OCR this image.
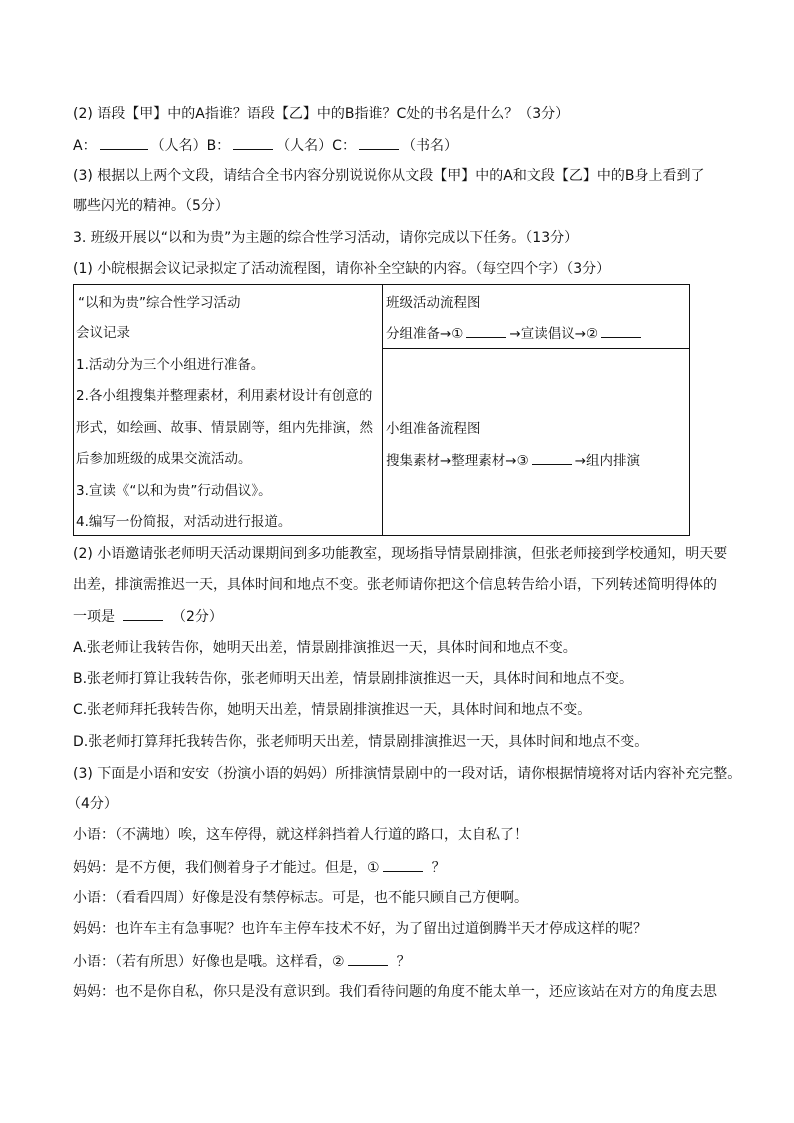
(2) 语段【甲】中的A指谁？语段【乙】中的B指谁？C处的书名是什么？（3分）
A：	（人名）B：	（人名）C：	（书名）
(3) 根据以上两个文段，请结合全书内容分别说说你从文段【甲】中的A和文段【乙】中的B身上看到了
哪些闪光的精神。（5分）
3. 班级开展以“以和为贵”为主题的综合性学习活动，请你完成以下任务。（13分）
(1) 小皖根据会议记录拟定了活动流程图，请你补全空缺的内容。（每空四个字）（3分）
“以和为贵”综合性学习活动
会议记录
1.活动分为三个小组进行准备。
2.各小组搜集并整理素材，利用素材设计有创意的
形式，如绘画、故事、情景剧等，组内先排演，然
后参加班级的成果交流活动。
3.宣读《“以和为贵”行动倡议》。
4.编写一份简报，对活动进行报道。

班级活动流程图
分组准备→①	→宣读倡议→②

小组准备流程图
搜集素材→整理素材→③	→组内排演
(2) 小语邀请张老师明天活动课期间到多功能教室，现场指导情景剧排演，但张老师接到学校通知，明天要
出差，排演需推迟一天，具体时间和地点不变。张老师请你把这个信息转告给小语，下列转述简明得体的
一项是	（2分）
A.张老师让我转告你，她明天出差，情景剧排演推迟一天，具体时间和地点不变。
B.张老师打算让我转告你，张老师明天出差，情景剧排演推迟一天，具体时间和地点不变。
C.张老师拜托我转告你，她明天出差，情景剧排演推迟一天，具体时间和地点不变。
D.张老师打算拜托我转告你，张老师明天出差，情景剧排演推迟一天，具体时间和地点不变。
(3) 下面是小语和安安（扮演小语的妈妈）所排演情景剧中的一段对话，请你根据情境将对话内容补充完整。
（4分）
小语：（不满地）唉，这车停得，就这样斜挡着人行道的路口，太自私了！
妈妈：是不方便，我们侧着身子才能过。但是，①	？
小语：（看看四周）好像是没有禁停标志。可是，也不能只顾自己方便啊。
妈妈：也许车主有急事呢？也许车主停车技术不好，为了留出过道倒腾半天才停成这样的呢？
小语：（若有所思）好像也是哦。这样看，②	？
妈妈：也不是你自私，你只是没有意识到。我们看待问题的角度不能太单一，还应该站在对方的角度去思
